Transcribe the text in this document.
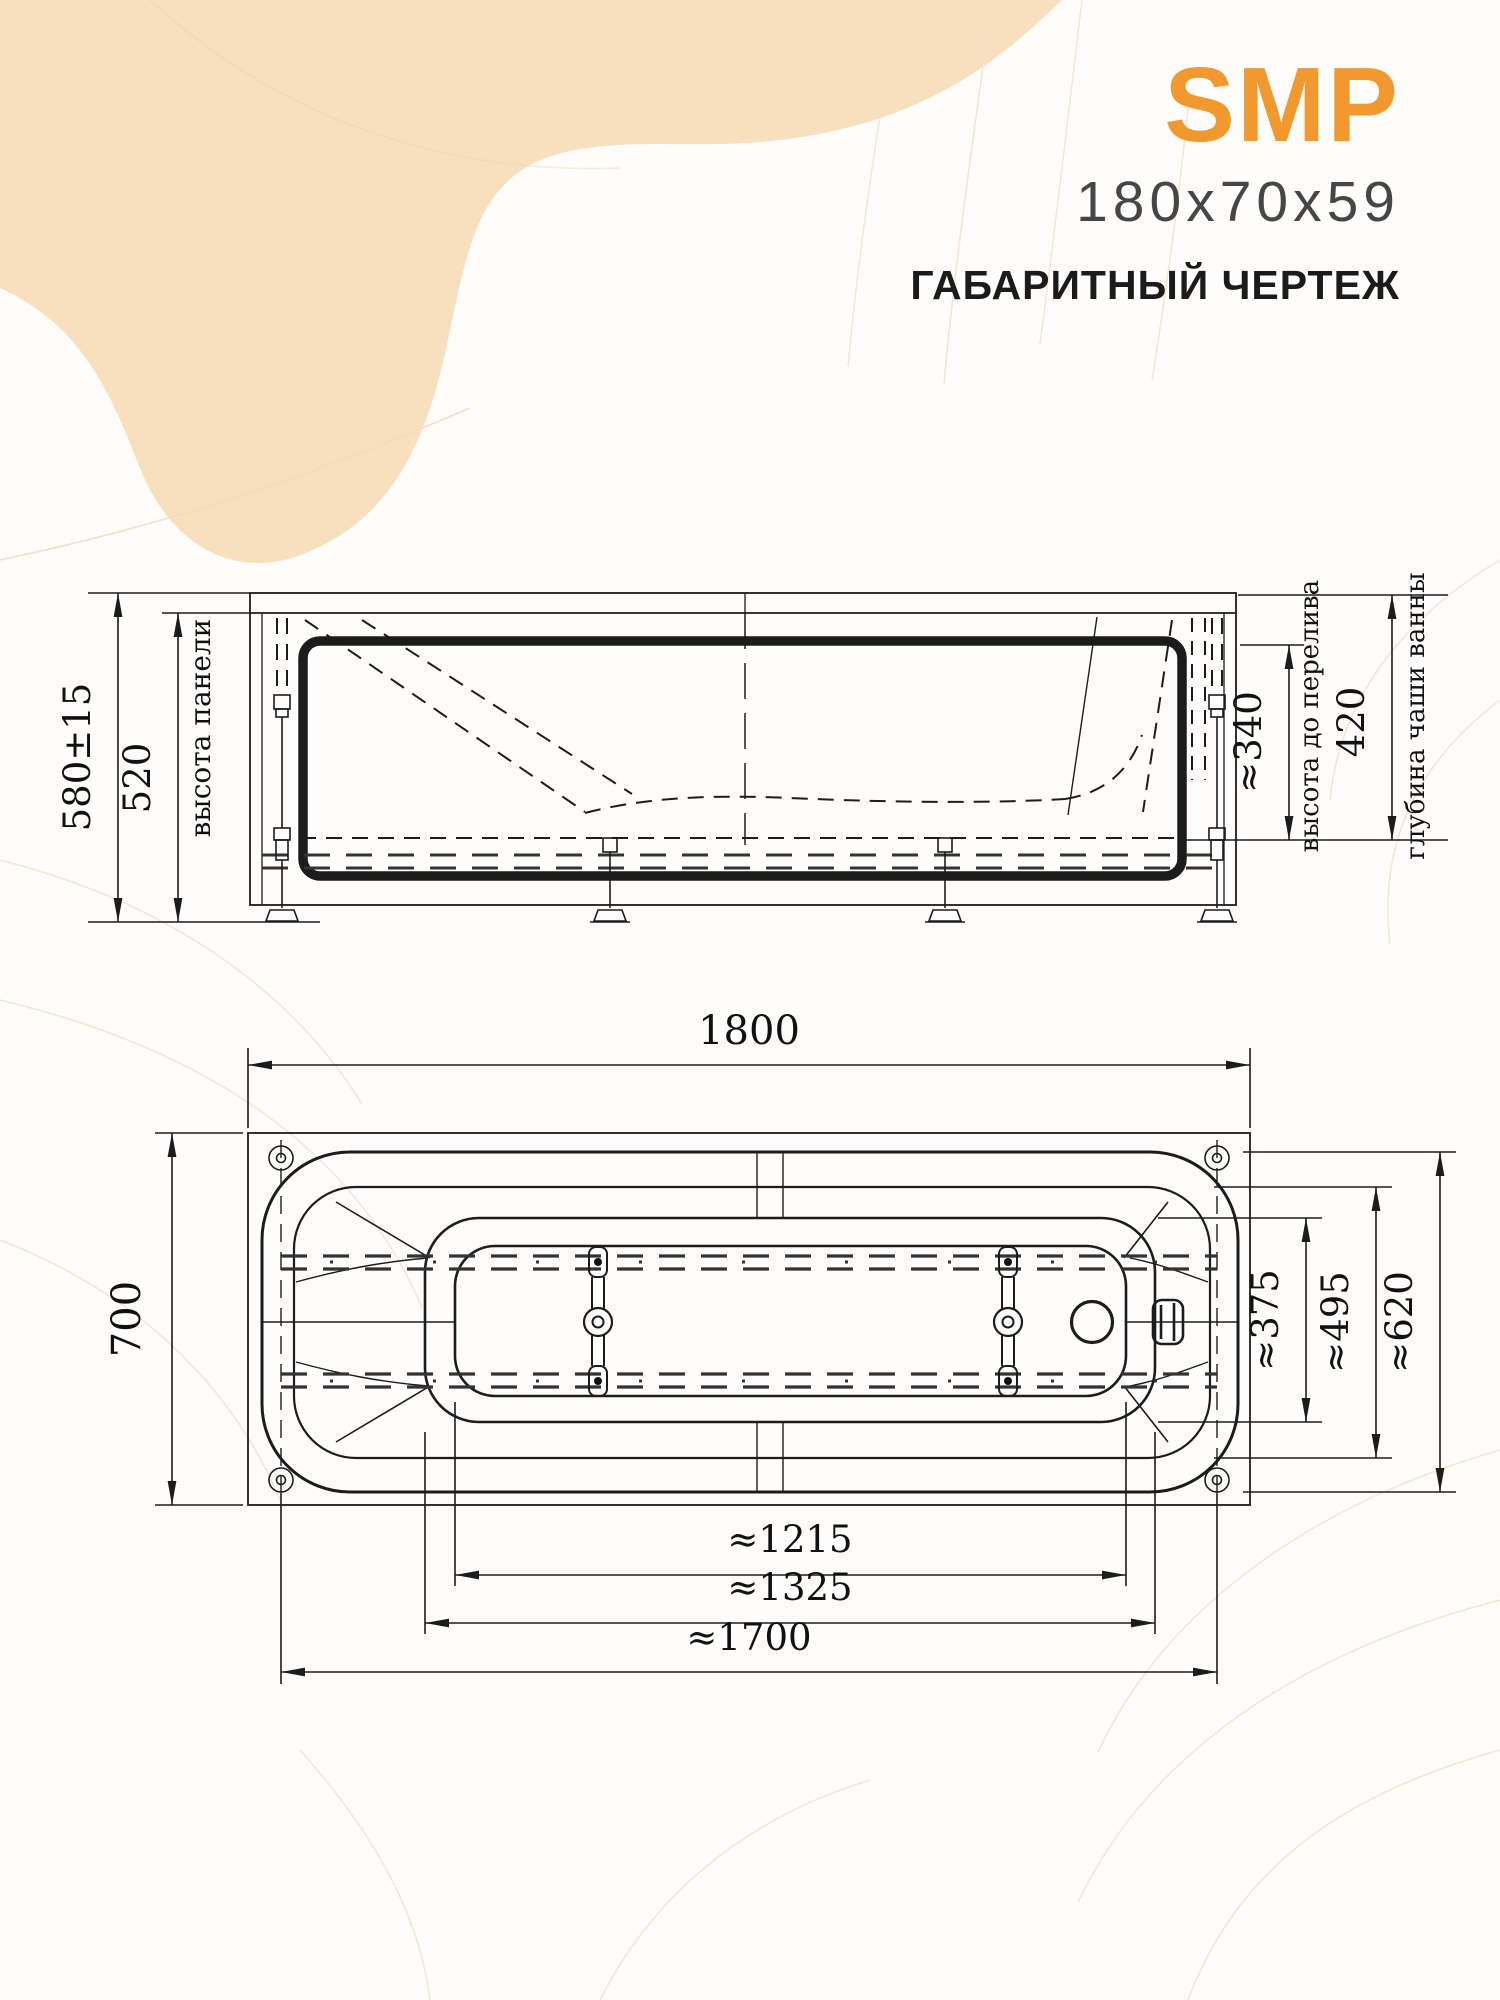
SMP
180x70x59
ГАБАРИТНЫЙ ЧЕРТЕЖ
580±15 520 высота панели	≈340 высота до перелива 420 глубина чаши ванны
1800
700	≈375 ≈495 ≈620
≈1215
≈1325
≈1700
